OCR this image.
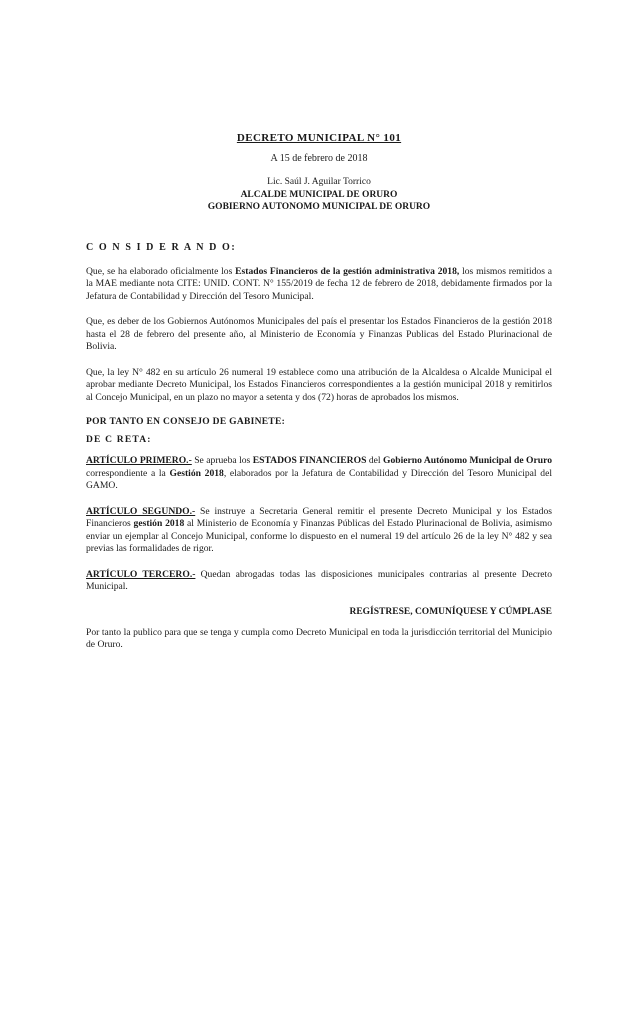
DECRETO MUNICIPAL N° 101
A 15 de febrero de 2018
Lic. Saúl J. Aguilar Torrico
ALCALDE MUNICIPAL DE ORURO
GOBIERNO AUTONOMO MUNICIPAL DE ORURO
C O N S I D E R A N D O:

Que, se ha elaborado oficialmente los Estados Financieros de la gestión administrativa 2018, los mismos remitidos a la MAE mediante nota CITE: UNID. CONT. N° 155/2019 de fecha 12 de febrero de 2018, debidamente firmados por la Jefatura de Contabilidad y Dirección del Tesoro Municipal.

Que, es deber de los Gobiernos Autónomos Municipales del país el presentar los Estados Financieros de la gestión 2018 hasta el 28 de febrero del presente año, al Ministerio de Economía y Finanzas Publicas del Estado Plurinacional de Bolivia.

Que, la ley N° 482 en su artículo 26 numeral 19 establece como una atribución de la Alcaldesa o Alcalde Municipal el aprobar mediante Decreto Municipal, los Estados Financieros correspondientes a la gestión municipal 2018 y remitirlos al Concejo Municipal, en un plazo no mayor a setenta y dos (72) horas de aprobados los mismos.

POR TANTO EN CONSEJO DE GABINETE:
DE C RETA:

ARTÍCULO PRIMERO.- Se aprueba los ESTADOS FINANCIEROS del Gobierno Autónomo Municipal de Oruro correspondiente a la Gestión 2018, elaborados por la Jefatura de Contabilidad y Dirección del Tesoro Municipal del GAMO.

ARTÍCULO SEGUNDO.- Se instruye a Secretaria General remitir el presente Decreto Municipal y los Estados Financieros gestión 2018 al Ministerio de Economía y Finanzas Públicas del Estado Plurinacional de Bolivia, asimismo enviar un ejemplar al Concejo Municipal, conforme lo dispuesto en el numeral 19 del artículo 26 de la ley N° 482 y sea previas las formalidades de rigor.

ARTÍCULO TERCERO.- Quedan abrogadas todas las disposiciones municipales contrarias al presente Decreto Municipal.

REGÍSTRESE, COMUNÍQUESE Y CÚMPLASE

Por tanto la publico para que se tenga y cumpla como Decreto Municipal en toda la jurisdicción territorial del Municipio de Oruro.
